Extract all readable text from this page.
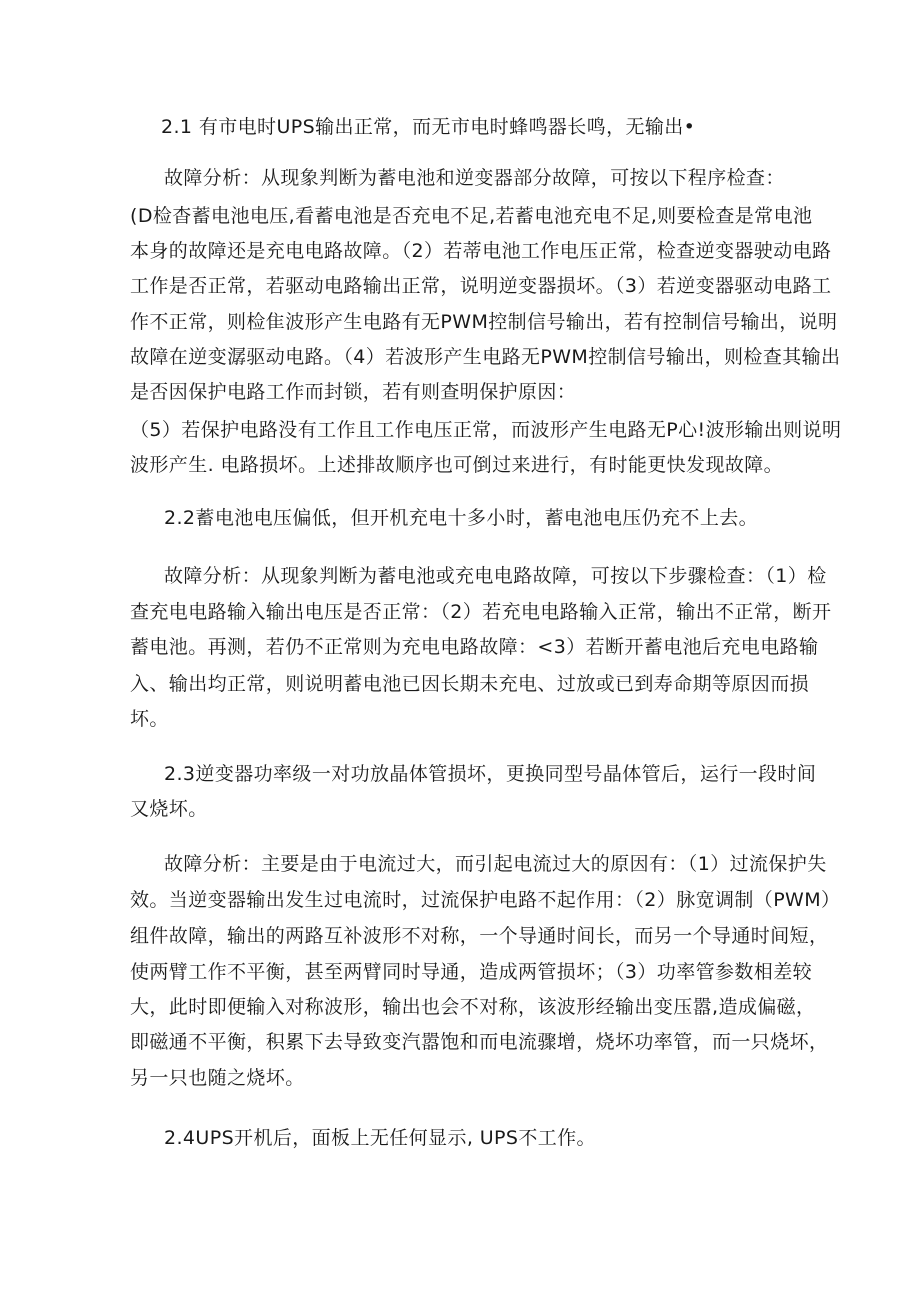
2.1 有市电时UPS输出正常，而无市电时蜂鸣器长鸣，无输出•
故障分析：从现象判断为蓄电池和逆变器部分故障，可按以下程序检查：
(D检杳蓄电池电压,看蓄电池是否充电不足,若蓄电池充电不足,则要检查是常电池
本身的故障还是充电电路故障。（2）若蒂电池工作电压正常，检查逆变器驶动电路
工作是否正常，若驱动电路输出正常，说明逆变器损坏。（3）若逆变器驱动电路工
作不正常，则检隹波形产生电路有无PWM控制信号输出，若有控制信号输出，说明
故障在逆变潺驱动电路。（4）若波形产生电路无PWM控制信号输出，则检查其输出
是否因保护电路工作而封锁，若有则查明保护原因：
（5）若保护电路没有工作且工作电压正常，而波形产生电路无P心!波形输出则说明
波形产生. 电路损坏。上述排故顺序也可倒过来进行，有时能更快发现故障。
2.2蓄电池电压偏低，但开机充电十多小时，蓄电池电压仍充不上去。
故障分析：从现象判断为蓄电池或充电电路故障，可按以下步骤检查：（1）检
查充电电路输入输出电压是否正常：（2）若充电电路输入正常，输出不正常，断开
蓄电池。再测，若仍不正常则为充电电路故障：<3）若断开蓄电池后充电电路输
入、输出均正常，则说明蓄电池已因长期未充电、过放或已到寿命期等原因而损
坏。
2.3逆变器功率级一对功放晶体管损坏，更换同型号晶体管后，运行一段时间
又烧坏。
故障分析：主要是由于电流过大，而引起电流过大的原因有：（1）过流保护失
效。当逆变器输出发生过电流时，过流保护电路不起作用：（2）脉宽调制（PWM）
组件故障，输出的两路互补波形不对称，一个导通时间长，而另一个导通时间短，
使两臂工作不平衡，甚至两臂同时导通，造成两管损坏；（3）功率管参数相差较
大，此时即便输入对称波形，输出也会不对称，该波形经输出变压嚣,造成偏磁，
即磁通不平衡，积累下去导致变汽嚣饱和而电流骤增，烧坏功率管，而一只烧坏，
另一只也随之烧坏。
2.4UPS开机后，面板上无任何显示, UPS不工作。
